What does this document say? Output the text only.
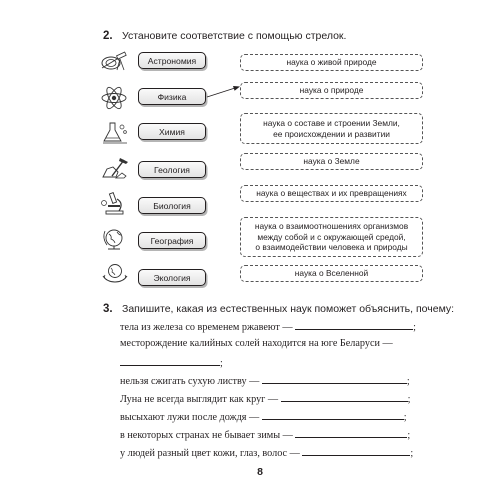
2. Установите соответствие с помощью стрелок.
Астрономия
Физика
Химия
Геология
Биология
География
Экология
наука о живой природе
наука о природе
наука о составе и строении Земли,
ее происхождении и развитии
наука о Земле
наука о веществах и их превращениях
наука о взаимоотношениях организмов
между собой и с окружающей средой,
о взаимодействии человека и природы
наука о Вселенной
3. Запишите, какая из естественных наук поможет объяснить, почему:
тела из железа со временем ржавеют —	;
месторождение калийных солей находится на юге Беларуси —
;
нельзя сжигать сухую листву —	;
Луна не всегда выглядит как круг —	;
высыхают лужи после дождя —	;
в некоторых странах не бывает зимы —	;
у людей разный цвет кожи, глаз, волос —	;
8
